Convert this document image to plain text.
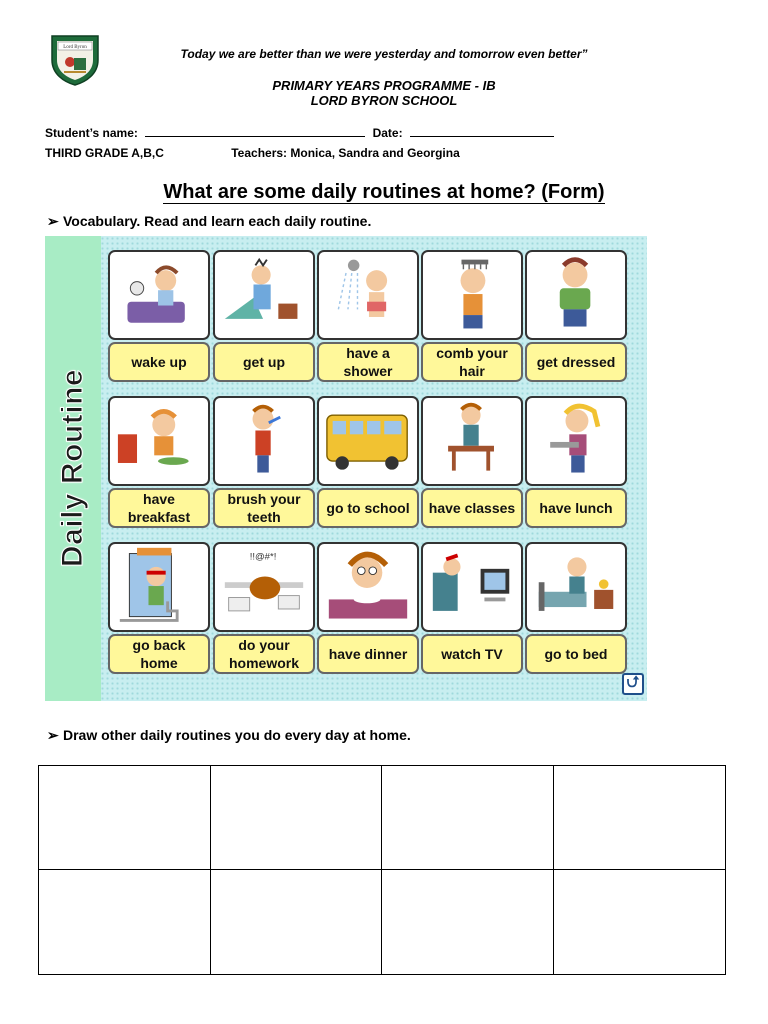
Lord Byron	Today we are better than we were yesterday and tomorrow even better”
PRIMARY YEARS PROGRAMME - IB
LORD BYRON SCHOOL
Student’s name:	Date:
THIRD GRADE A,B,C	Teachers: Monica, Sandra and Georgina
What are some daily routines at home? (Form)
➢ Vocabulary. Read and learn each daily routine.
Daily Routine
wake up	get up
have a shower
comb your hair
get dressed
have breakfast
brush your teeth
go to school	have classes	have lunch
go back home
!!@#*!
do your homework
have dinner	watch TV	go to bed
⮍
➢ Draw other daily routines you do every day at home.
